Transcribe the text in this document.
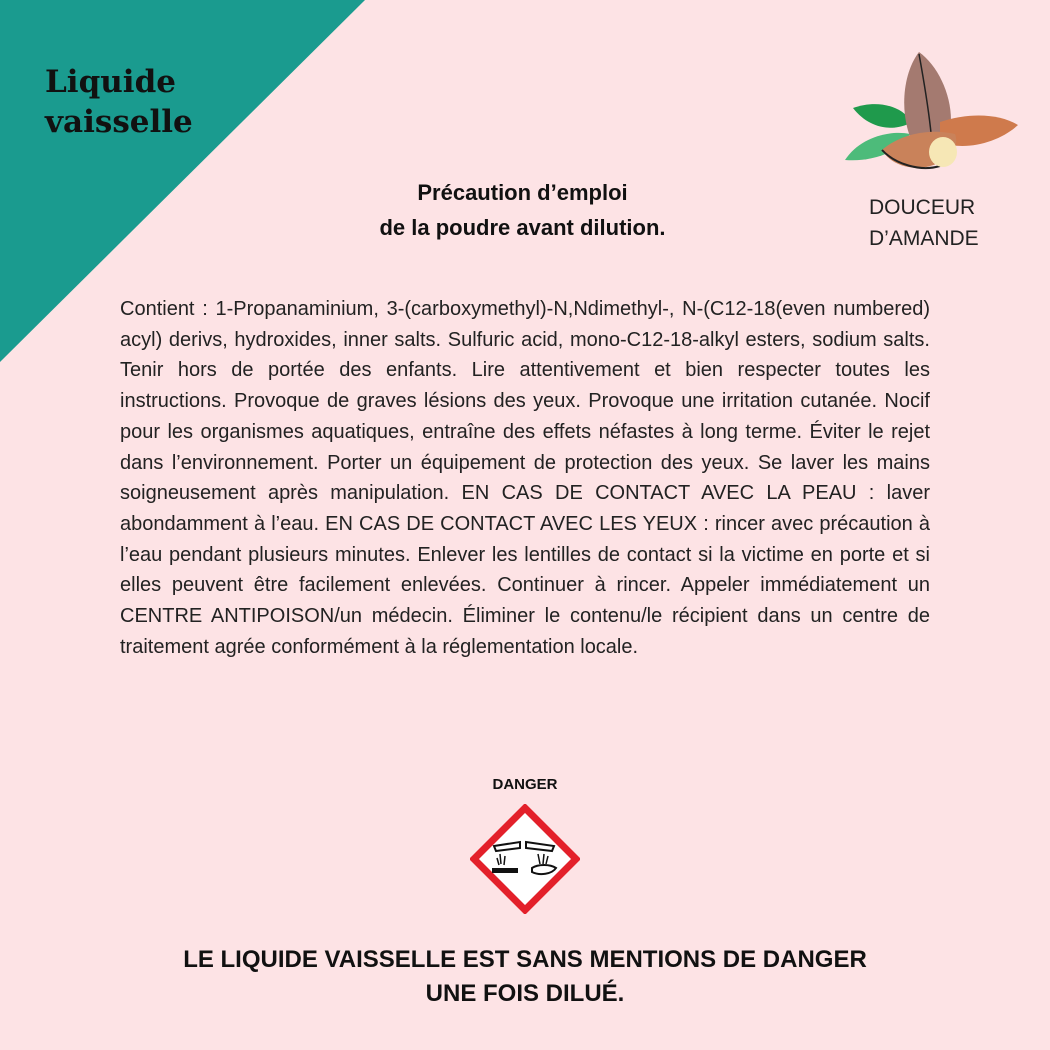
Liquide
vaisselle
DOUCEUR
D’AMANDE
Précaution d’emploi
de la poudre avant dilution.

Contient : 1-Propanaminium, 3-(carboxymethyl)-N,Ndimethyl-, N-(C12-18(even numbered) acyl) derivs, hydroxides, inner salts. Sulfuric acid, mono-C12-18-alkyl esters, sodium salts. Tenir hors de portée des enfants. Lire attentivement et bien respecter toutes les instructions. Provoque de graves lésions des yeux. Provoque une irritation cutanée. Nocif pour les organismes aquatiques, entraîne des effets néfastes à long terme. Éviter le rejet dans l’environnement. Porter un équipement de protection des yeux. Se laver les mains soigneusement après manipulation. EN CAS DE CONTACT AVEC LA PEAU : laver abondamment à l’eau. EN CAS DE CONTACT AVEC LES YEUX : rincer avec précaution à l’eau pendant plusieurs minutes. Enlever les lentilles de contact si la victime en porte et si elles peuvent être facilement enlevées. Continuer à rincer. Appeler immédiatement un CENTRE ANTIPOISON/un médecin. Éliminer le contenu/le récipient dans un centre de traitement agrée conformément à la réglementation locale.

DANGER
LE LIQUIDE VAISSELLE EST SANS MENTIONS DE DANGER
UNE FOIS DILUÉ.
